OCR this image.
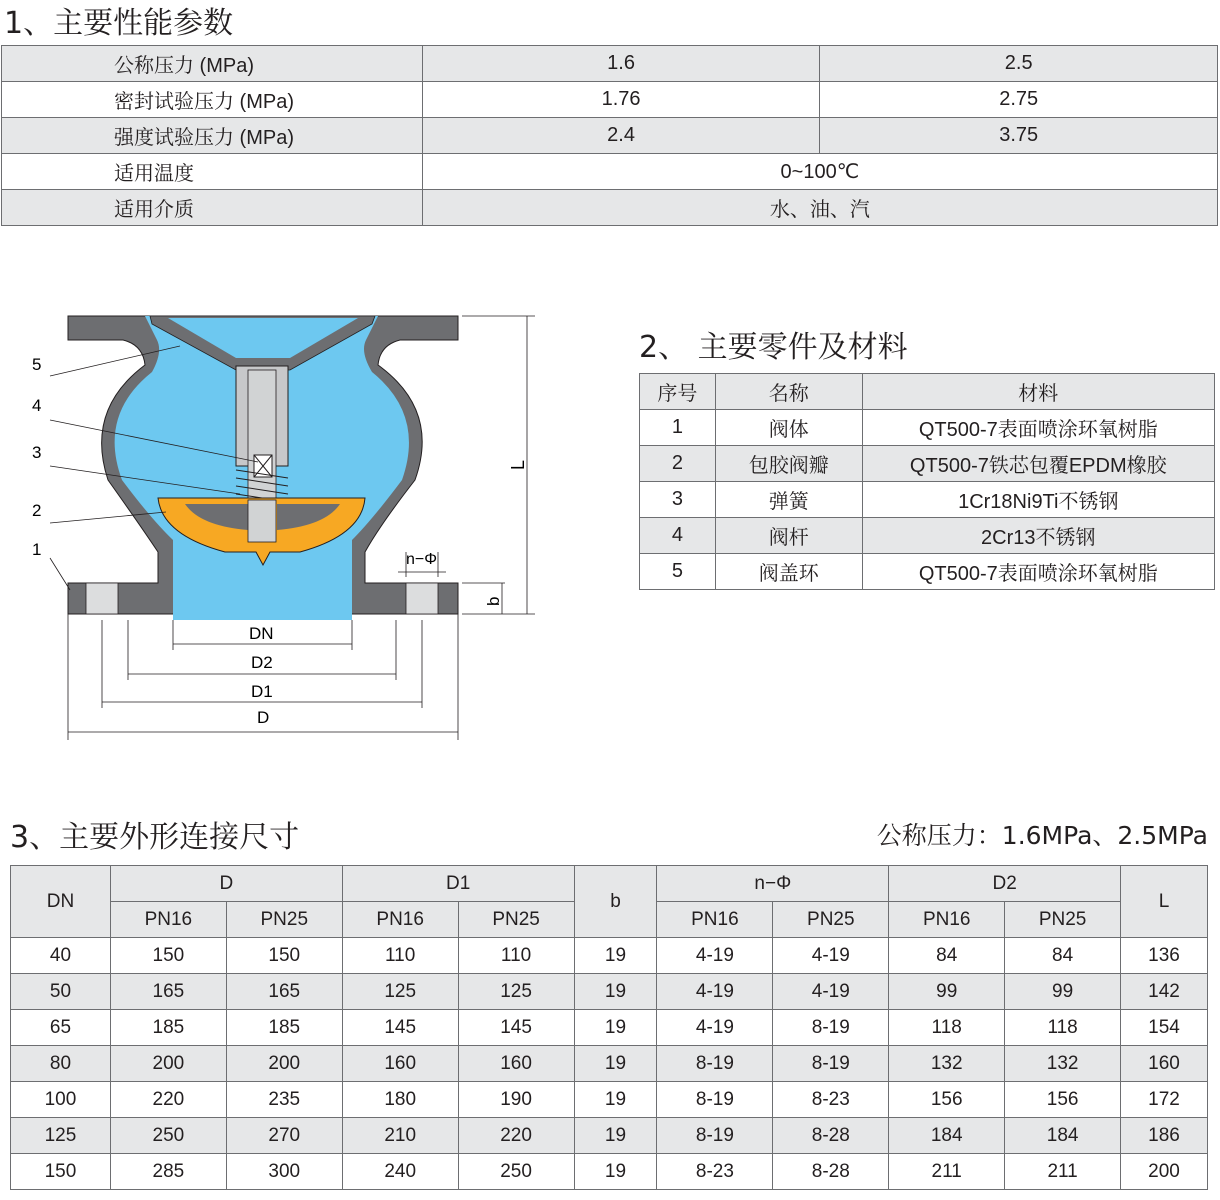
1、主要性能参数
公称压力 (MPa)	1.6	2.5
密封试验压力 (MPa)	1.76	2.75
强度试验压力 (MPa)	2.4	3.75
适用温度	0~100℃	
适用介质	水、油、汽	
5
4
3
2
1
DN
D2
D1
D
L
b
n−Φ
2、 主要零件及材料
序号	名称	材料
1	阀体	QT500-7表面喷涂环氧树脂
2	包胶阀瓣	QT500-7铁芯包覆EPDM橡胶
3	弹簧	1Cr18Ni9Ti不锈钢
4	阀杆	2Cr13不锈钢
5	阀盖环	QT500-7表面喷涂环氧树脂
3、主要外形连接尺寸	公称压力：1.6MPa、2.5MPa
DN	D		D1		b	n−Φ		D2		L
	PN16	PN25	PN16	PN25		PN16	PN25	PN16	PN25	
40	150	150	110	110	19	4-19	4-19	84	84	136
50	165	165	125	125	19	4-19	4-19	99	99	142
65	185	185	145	145	19	4-19	8-19	118	118	154
80	200	200	160	160	19	8-19	8-19	132	132	160
100	220	235	180	190	19	8-19	8-23	156	156	172
125	250	270	210	220	19	8-19	8-28	184	184	186
150	285	300	240	250	19	8-23	8-28	211	211	200
